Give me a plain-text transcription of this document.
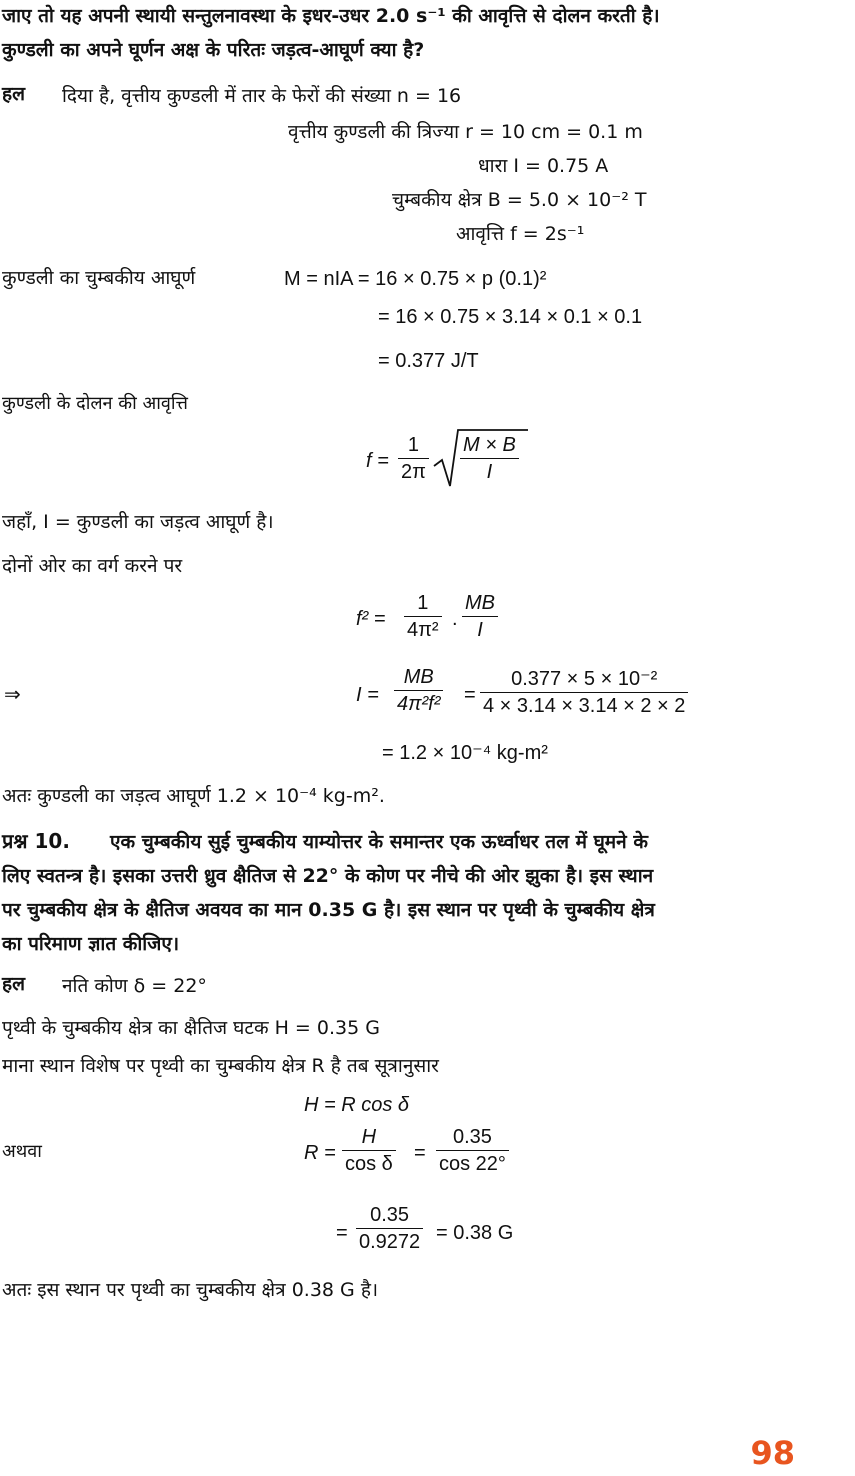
जाए तो यह अपनी स्थायी सन्तुलनावस्था के इधर-उधर 2.0 s⁻¹ की आवृत्ति से दोलन करती है।
कुण्डली का अपने घूर्णन अक्ष के परितः जड़त्व-आघूर्ण क्या है?
हल दिया है, वृत्तीय कुण्डली में तार के फेरों की संख्या n = 16
वृत्तीय कुण्डली की त्रिज्या r = 10 cm = 0.1 m
धारा I = 0.75 A
चुम्बकीय क्षेत्र B = 5.0 × 10⁻² T
आवृत्ति f = 2s⁻¹
कुण्डली का चुम्बकीय आघूर्ण	M = nIA = 16 × 0.75 × p (0.1)²
= 16 × 0.75 × 3.14 × 0.1 × 0.1
= 0.377 J/T
कुण्डली के दोलन की आवृत्ति
$f = \frac{1}{2\pi} \frac{M \times B}{I}$
जहाँ, I = कुण्डली का जड़त्व आघूर्ण है।
दोनों ओर का वर्ग करने पर
$f^2 = \frac{1}{\text{4π²}}$ . $\frac{MB}{I}$
⇒	$I = \frac{MB}{\text{4π²f²}} = \frac{\text{0.377 × 5 × 10⁻²}}{4 \times 3.14 \times 3.14 \times 2 \times 2}$
= 1.2 × 10⁻⁴ kg-m²
अतः कुण्डली का जड़त्व आघूर्ण 1.2 × 10⁻⁴ kg-m².
प्रश्न 10. एक चुम्बकीय सुई चुम्बकीय याम्योत्तर के समान्तर एक ऊर्ध्वाधर तल में घूमने के
लिए स्वतन्त्र है। इसका उत्तरी ध्रुव क्षैतिज से 22° के कोण पर नीचे की ओर झुका है। इस स्थान
पर चुम्बकीय क्षेत्र के क्षैतिज अवयव का मान 0.35 G है। इस स्थान पर पृथ्वी के चुम्बकीय क्षेत्र
का परिमाण ज्ञात कीजिए।
हल नति कोण δ = 22°
पृथ्वी के चुम्बकीय क्षेत्र का क्षैतिज घटक H = 0.35 G
माना स्थान विशेष पर पृथ्वी का चुम्बकीय क्षेत्र R है तब सूत्रानुसार
H = R cos δ
अथवा	$R = \frac{H}{\text{cos δ}} = \frac{0.35}{\cos 22^\circ}$
= $\frac{0.35}{0.9272} = 0.38$ G
अतः इस स्थान पर पृथ्वी का चुम्बकीय क्षेत्र 0.38 G है।
98
